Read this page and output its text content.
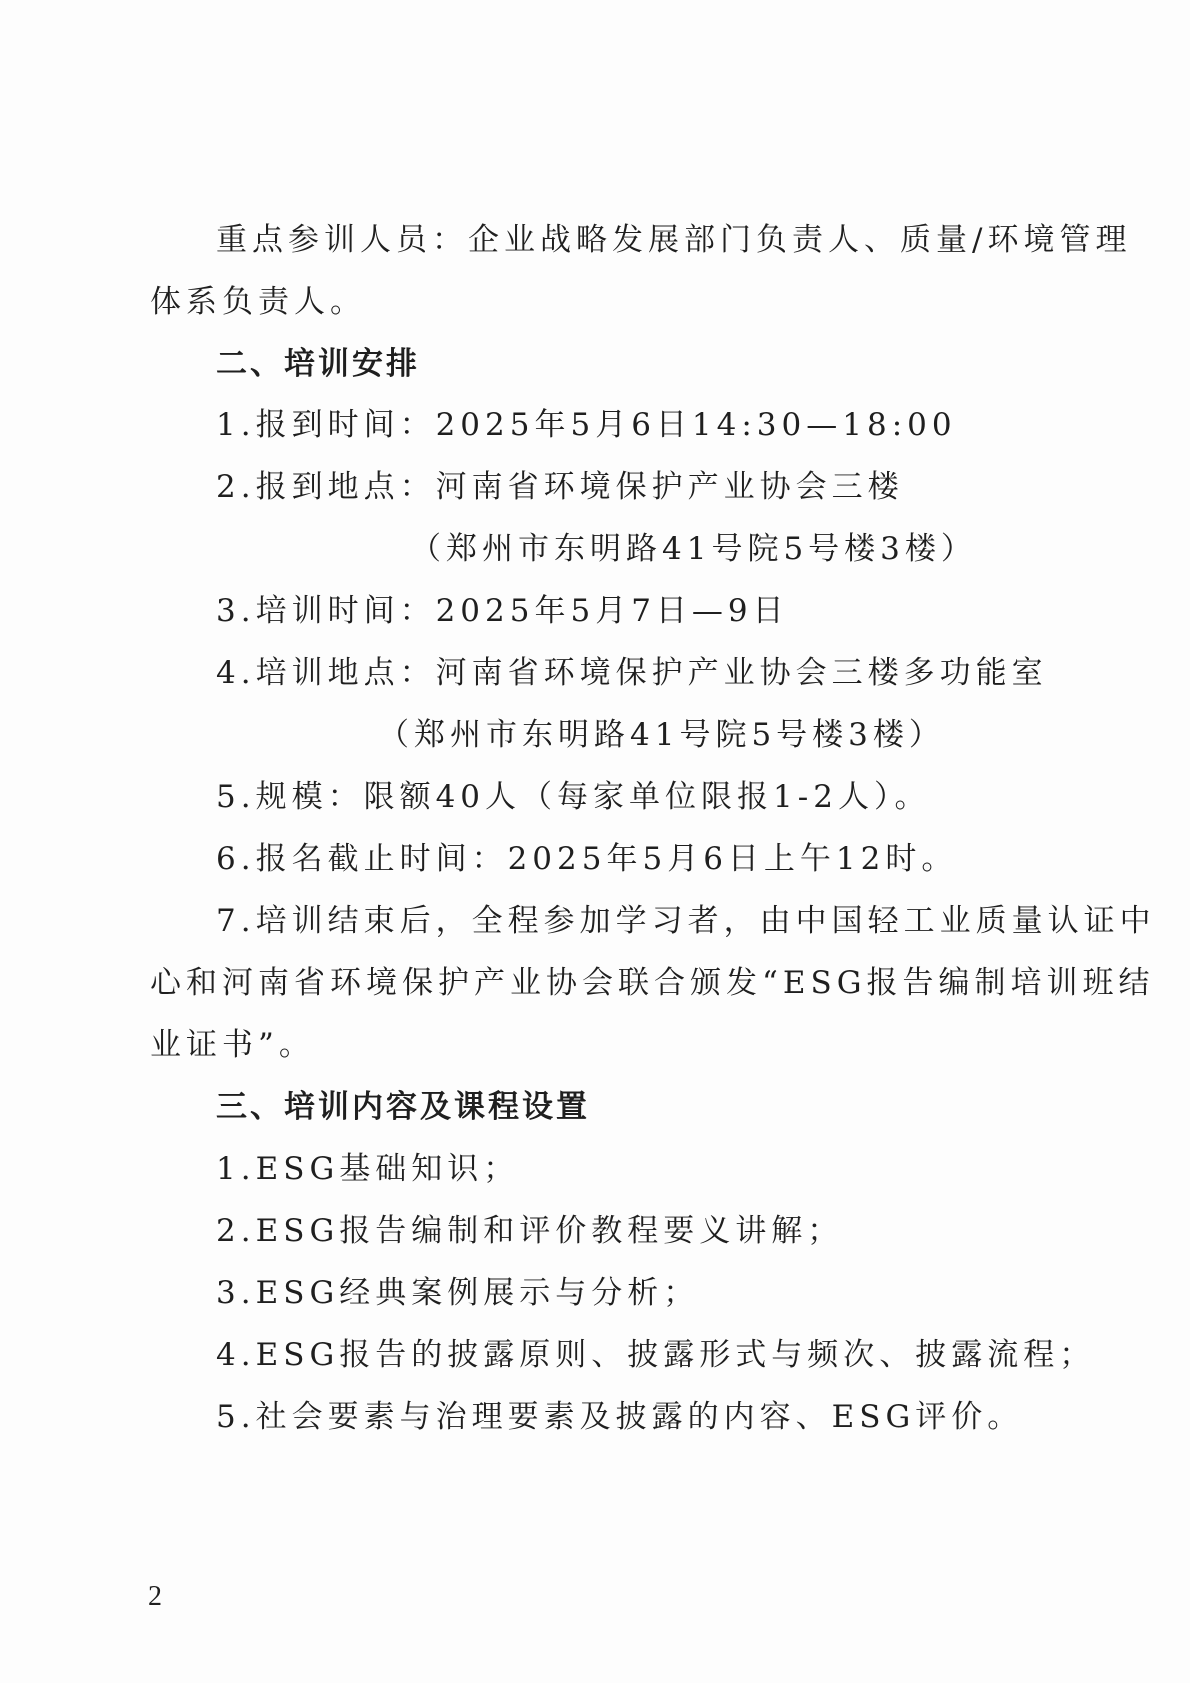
重点参训人员：企业战略发展部门负责人、质量/环境管理
体系负责人。
二、培训安排
1.报到时间：2025年5月6日14:30—18:00
2.报到地点：河南省环境保护产业协会三楼
（郑州市东明路41号院5号楼3楼）
3.培训时间：2025年5月7日—9日
4.培训地点：河南省环境保护产业协会三楼多功能室
（郑州市东明路41号院5号楼3楼）
5.规模：限额40人（每家单位限报1-2人）。
6.报名截止时间：2025年5月6日上午12时。
7.培训结束后，全程参加学习者，由中国轻工业质量认证中
心和河南省环境保护产业协会联合颁发“ESG报告编制培训班结
业证书”。
三、培训内容及课程设置
1.ESG基础知识；
2.ESG报告编制和评价教程要义讲解；
3.ESG经典案例展示与分析；
4.ESG报告的披露原则、披露形式与频次、披露流程；
5.社会要素与治理要素及披露的内容、ESG评价。
2
